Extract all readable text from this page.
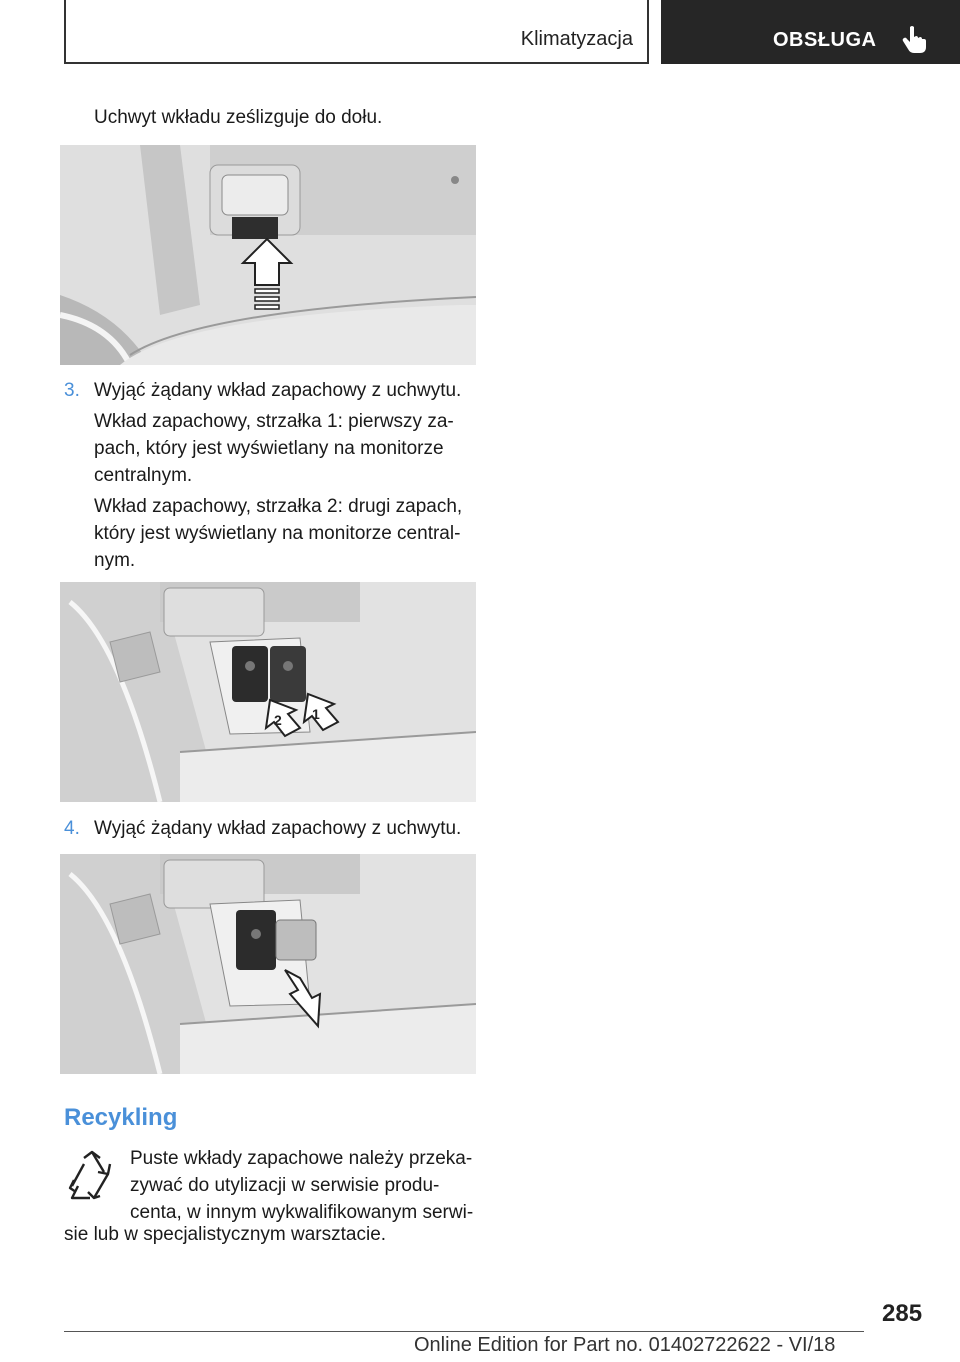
Klimatyzacja	OBSŁUGA
Uchwyt wkładu ześlizguje do dołu.
3. Wyjąć żądany wkład zapachowy z uchwytu.
Wkład zapachowy, strzałka 1: pierwszy za-
pach, który jest wyświetlany na monitorze
centralnym.
Wkład zapachowy, strzałka 2: drugi zapach,
który jest wyświetlany na monitorze central-
nym.
2 1
4. Wyjąć żądany wkład zapachowy z uchwytu.
Recykling
Puste wkłady zapachowe należy przeka-
zywać do utylizacji w serwisie produ-
centa, w innym wykwalifikowanym serwi-
sie lub w specjalistycznym warsztacie.
285
Online Edition for Part no. 01402722622 - VI/18
